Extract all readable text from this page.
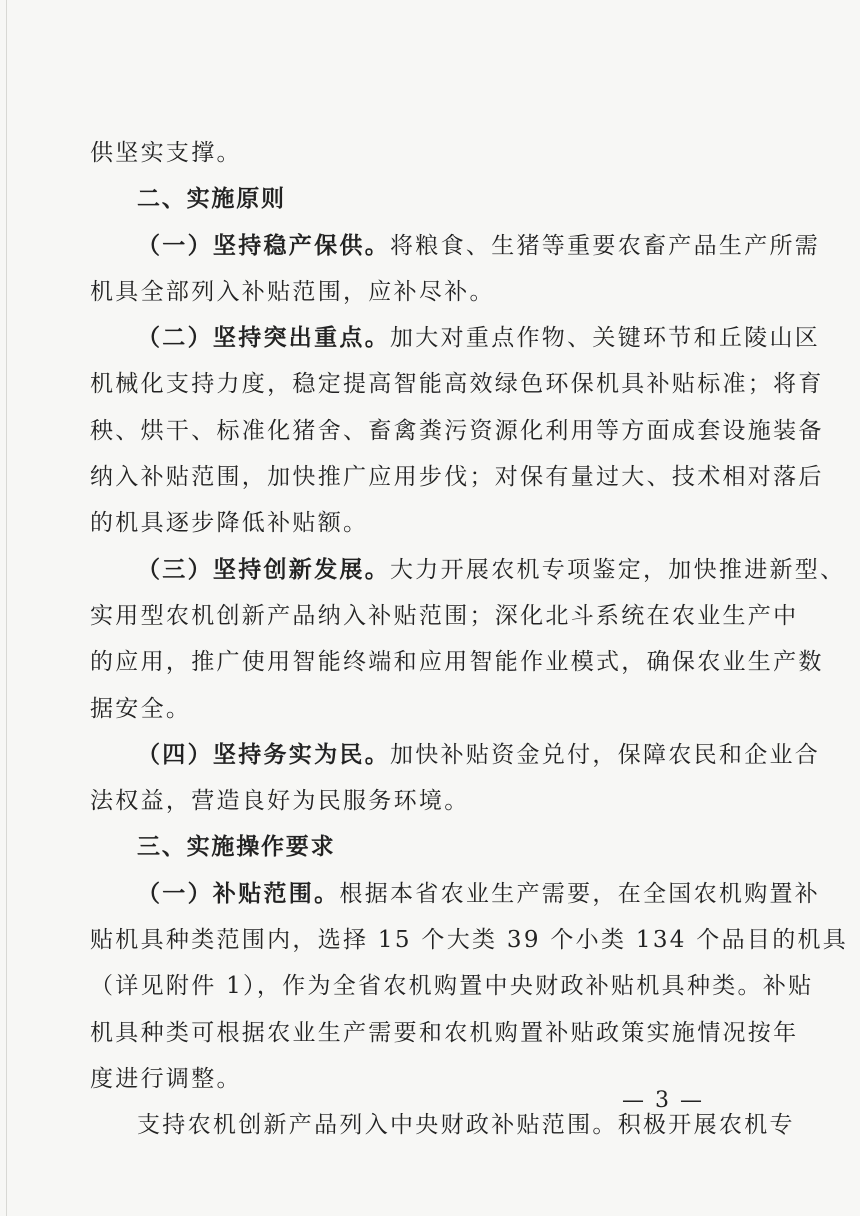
供坚实支撑。
二、实施原则
（一）坚持稳产保供。将粮食、生猪等重要农畜产品生产所需
机具全部列入补贴范围，应补尽补。
（二）坚持突出重点。加大对重点作物、关键环节和丘陵山区
机械化支持力度，稳定提高智能高效绿色环保机具补贴标准；将育
秧、烘干、标准化猪舍、畜禽粪污资源化利用等方面成套设施装备
纳入补贴范围，加快推广应用步伐；对保有量过大、技术相对落后
的机具逐步降低补贴额。
（三）坚持创新发展。大力开展农机专项鉴定，加快推进新型、
实用型农机创新产品纳入补贴范围；深化北斗系统在农业生产中
的应用，推广使用智能终端和应用智能作业模式，确保农业生产数
据安全。
（四）坚持务实为民。加快补贴资金兑付，保障农民和企业合
法权益，营造良好为民服务环境。
三、实施操作要求
（一）补贴范围。根据本省农业生产需要，在全国农机购置补
贴机具种类范围内，选择 15 个大类 39 个小类 134 个品目的机具
（详见附件 1），作为全省农机购置中央财政补贴机具种类。补贴
机具种类可根据农业生产需要和农机购置补贴政策实施情况按年
度进行调整。
支持农机创新产品列入中央财政补贴范围。积极开展农机专
— 3 —
